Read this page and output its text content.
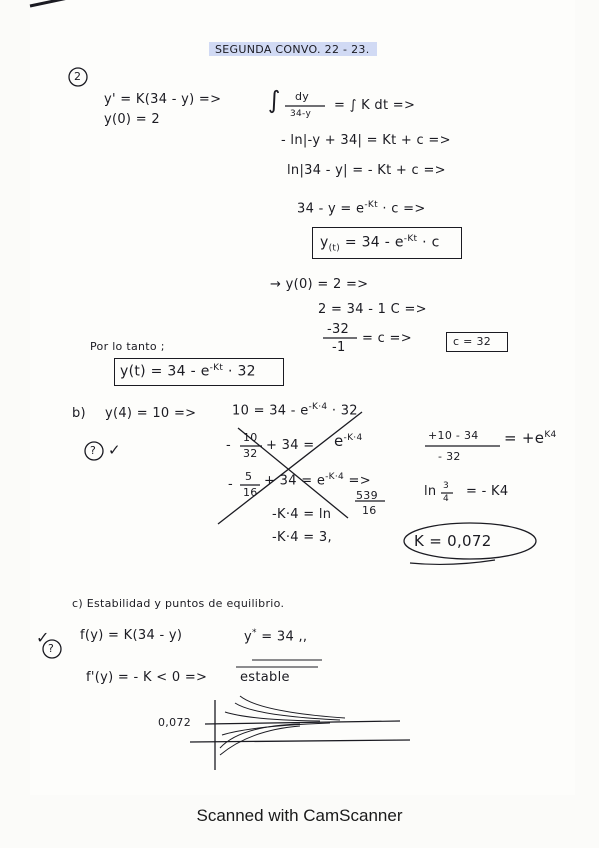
SEGUNDA CONVO. 22 - 23.
2
y' = K(34 - y) =>
y(0) = 2
∫ dy
34-y
= ∫ K dt =>
- ln|-y + 34| = Kt + c =>
ln|34 - y| = - Kt + c =>
$34 - y = e^{-Kt} \cdot c$ =>
$y_{(t)} = 34 - e^{-Kt} \cdot c$
→ y(0) = 2 =>
2 = 34 - 1 C =>
-32
-1
= c =>	c = 32
Por lo tanto ;
$y(t) = 34 - e^{-Kt} \cdot 32$
b) y(4) = 10 =>	$10 = 34 - e^{-K\cdot 4} \cdot 32$
? ✓	-
10
32
+ $34 = e^{-K\cdot 4}$
-
5
16
+ $34 = e^{-K\cdot 4}$ =>
-K·4 = ln
539
16
-K·4 = 3,
+10 - 34
- 32
= $+e^{K4}$
ln 3
4 = - K4
K = 0,072
c) Estabilidad y puntos de equilibrio.
✓
?
f(y) = K(34 - y)	y* = 34 ,,
f'(y) = - K < 0 =>	estable
0,072
Scanned with CamScanner
